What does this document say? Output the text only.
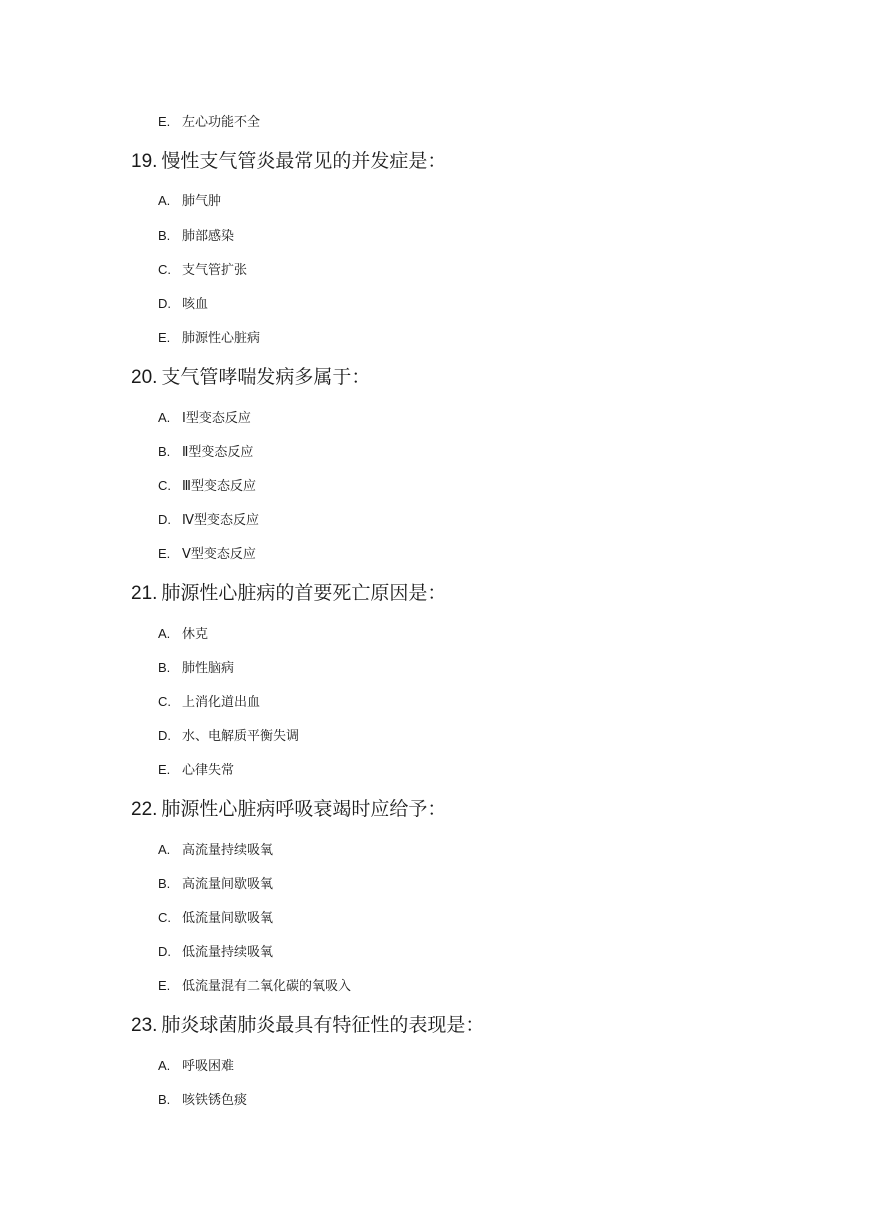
E. 左心功能不全
19. 慢性支气管炎最常见的并发症是：
A. 肺气肿
B. 肺部感染
C. 支气管扩张
D. 咳血
E. 肺源性心脏病
20. 支气管哮喘发病多属于：
A. Ⅰ型变态反应
B. Ⅱ型变态反应
C. Ⅲ型变态反应
D. Ⅳ型变态反应
E. Ⅴ型变态反应
21. 肺源性心脏病的首要死亡原因是：
A. 休克
B. 肺性脑病
C. 上消化道出血
D. 水、电解质平衡失调
E. 心律失常
22. 肺源性心脏病呼吸衰竭时应给予：
A. 高流量持续吸氧
B. 高流量间歇吸氧
C. 低流量间歇吸氧
D. 低流量持续吸氧
E. 低流量混有二氧化碳的氧吸入
23. 肺炎球菌肺炎最具有特征性的表现是：
A. 呼吸困难
B. 咳铁锈色痰
